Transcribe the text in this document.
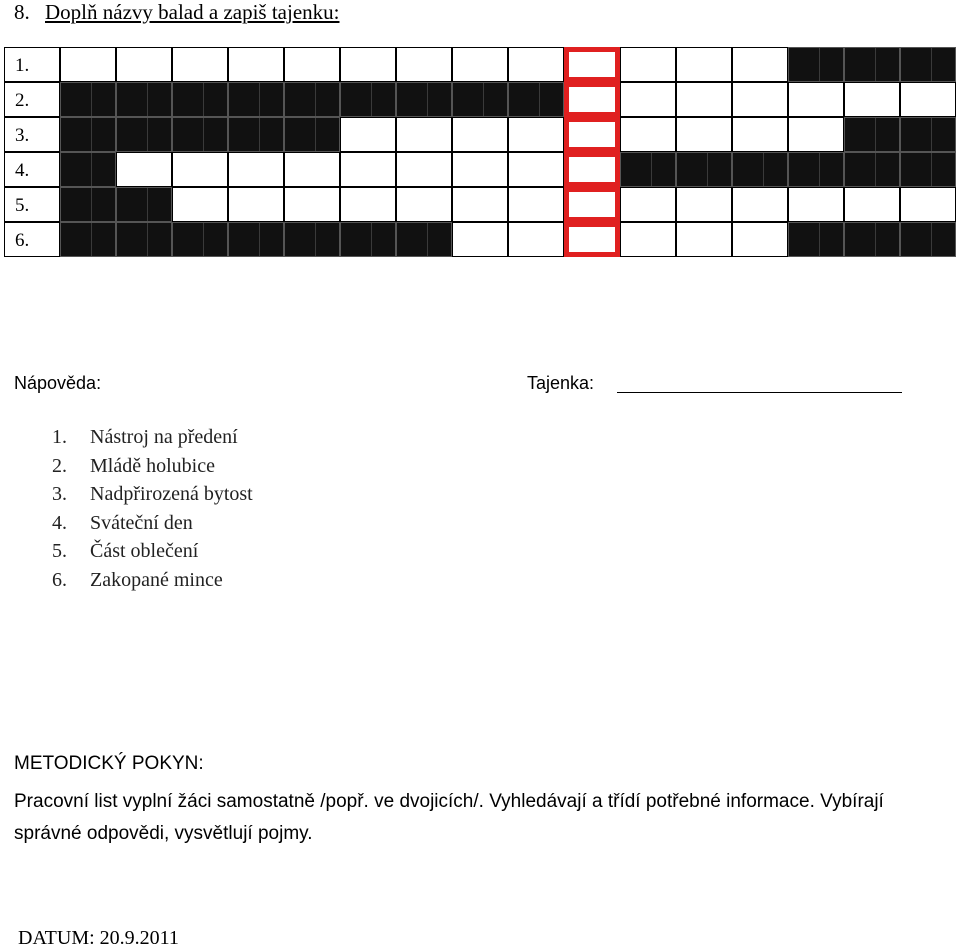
8. Doplň názvy balad a zapiš tajenku:
1.
2.
3.
4.
5.
6.
Nápověda:	Tajenka:
1. Nástroj na předení
2. Mládě holubice
3. Nadpřirozená bytost
4. Sváteční den
5. Část oblečení
6. Zakopané mince
METODICKÝ POKYN:
Pracovní list vyplní žáci samostatně /popř. ve dvojicích/. Vyhledávají a třídí potřebné informace. Vybírají správné odpovědi, vysvětlují pojmy.
DATUM: 20.9.2011
